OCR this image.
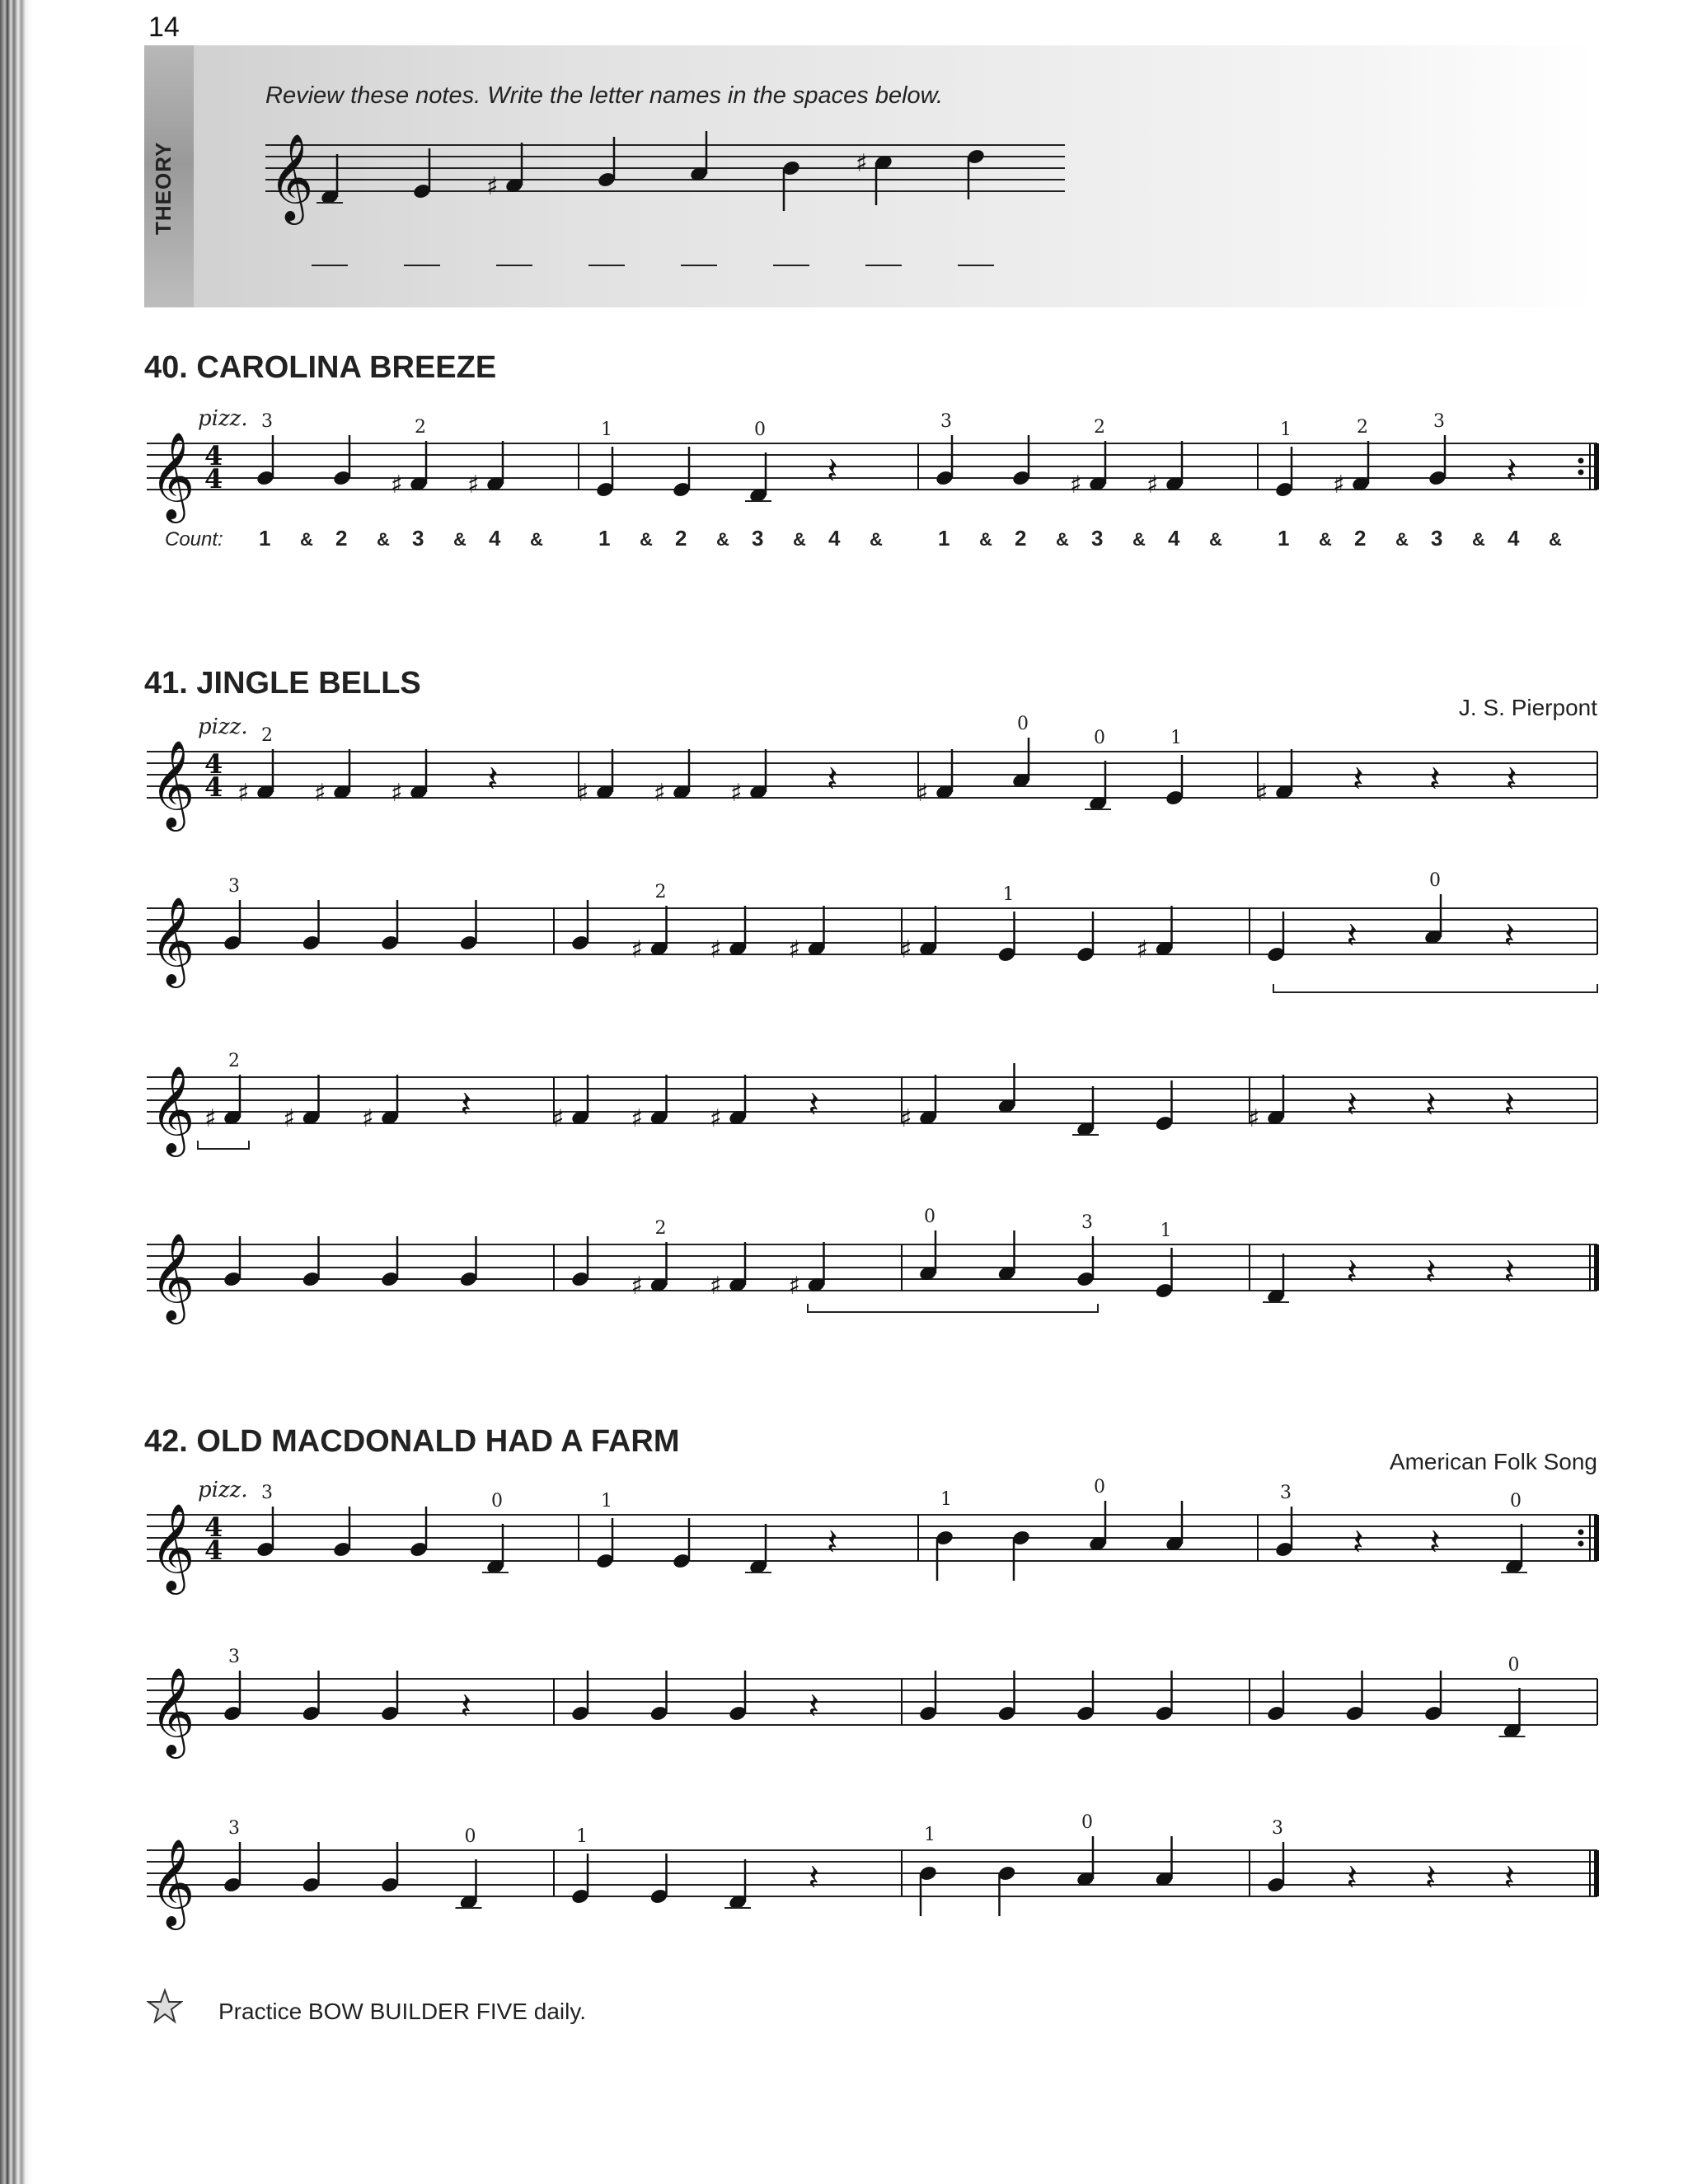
14
THEORY
Review these notes. Write the letter names in the spaces below.
40. CAROLINA BREEZE
41. JINGLE BELLS
J. S. Pierpont
42. OLD MACDONALD HAD A FARM
American Folk Song
𝄞	♯
♯
𝄞 4
4
pizz. 3
1 & 2 &
♯
2
3 &
♯
4 &
1
1 & 2 &
0
3 &
𝄽
4 &
3
1 & 2 &
♯
2
3 &
♯
4 &
1
1 &
♯
2
2 &
3
3 &
𝄽
4 &
Count:
𝄞 4
4
pizz.
♯
2
♯	♯ 𝄽	♯	♯	♯ 𝄽	♯
0
0	1
♯ 𝄽 𝄽 𝄽
𝄞
3
♯
2
♯	♯	♯
1
♯	𝄽
0
𝄽
𝄞 ♯
2
♯	♯ 𝄽	♯	♯	♯ 𝄽	♯	♯ 𝄽 𝄽 𝄽
𝄞	♯
2
♯	♯
0	3	1
𝄽 𝄽 𝄽
𝄞 4
4
pizz. 3	0	1
𝄽
1
0	3
𝄽 𝄽
0
𝄞
3
𝄽	𝄽
0
𝄞
3	0	1
𝄽
1
0	3
𝄽 𝄽 𝄽
Practice BOW BUILDER FIVE daily.
